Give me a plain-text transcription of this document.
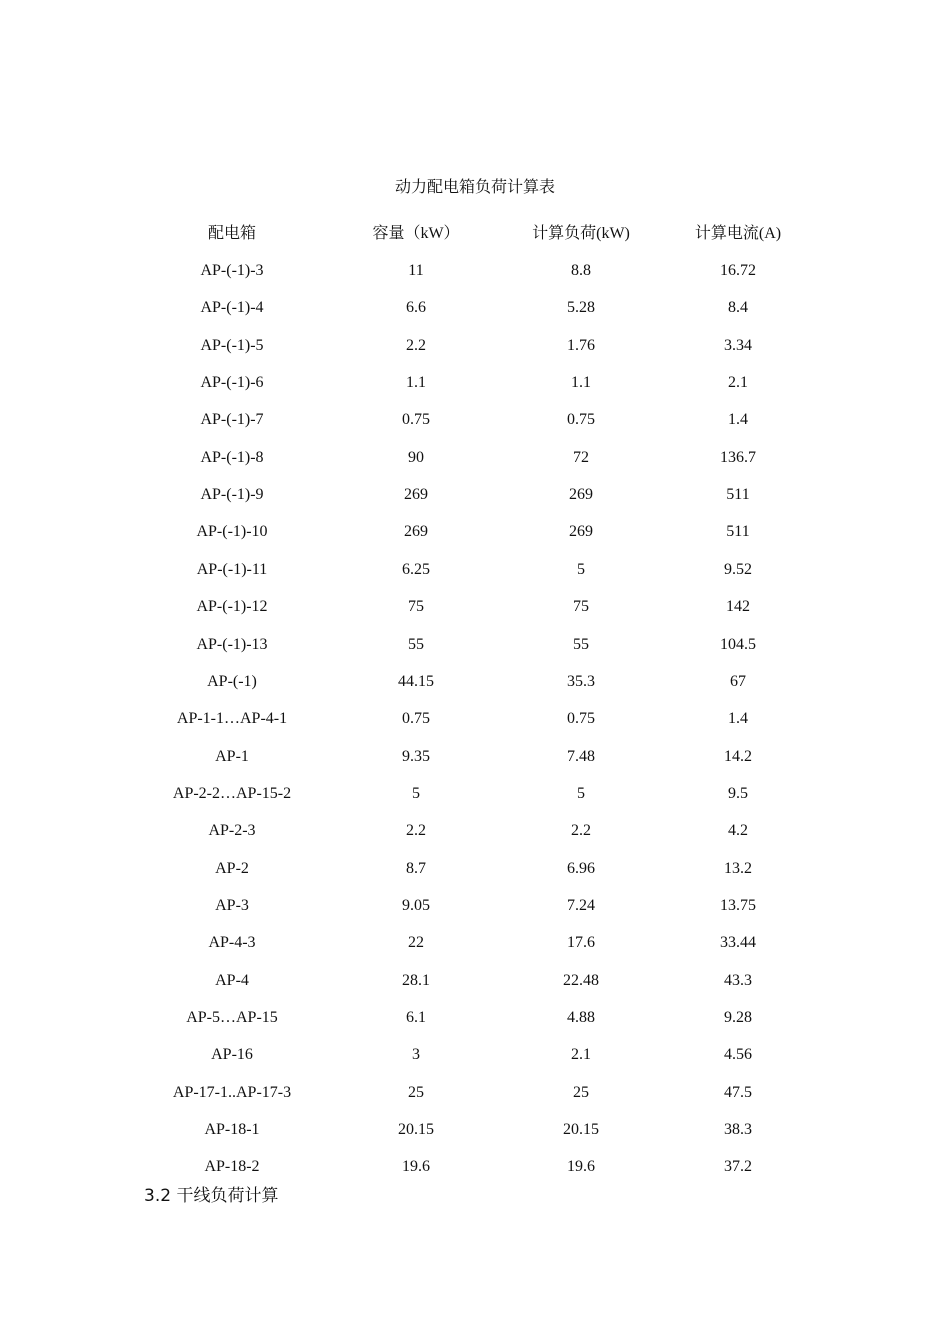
动力配电箱负荷计算表
配电箱	容量（kW）	计算负荷(kW)	计算电流(A)
AP-(-1)-3	11	8.8	16.72
AP-(-1)-4	6.6	5.28	8.4
AP-(-1)-5	2.2	1.76	3.34
AP-(-1)-6	1.1	1.1	2.1
AP-(-1)-7	0.75	0.75	1.4
AP-(-1)-8	90	72	136.7
AP-(-1)-9	269	269	511
AP-(-1)-10	269	269	511
AP-(-1)-11	6.25	5	9.52
AP-(-1)-12	75	75	142
AP-(-1)-13	55	55	104.5
AP-(-1)	44.15	35.3	67
AP-1-1…AP-4-1	0.75	0.75	1.4
AP-1	9.35	7.48	14.2
AP-2-2…AP-15-2	5	5	9.5
AP-2-3	2.2	2.2	4.2
AP-2	8.7	6.96	13.2
AP-3	9.05	7.24	13.75
AP-4-3	22	17.6	33.44
AP-4	28.1	22.48	43.3
AP-5…AP-15	6.1	4.88	9.28
AP-16	3	2.1	4.56
AP-17-1..AP-17-3	25	25	47.5
AP-18-1	20.15	20.15	38.3
AP-18-2	19.6	19.6	37.2
3.2 干线负荷计算
